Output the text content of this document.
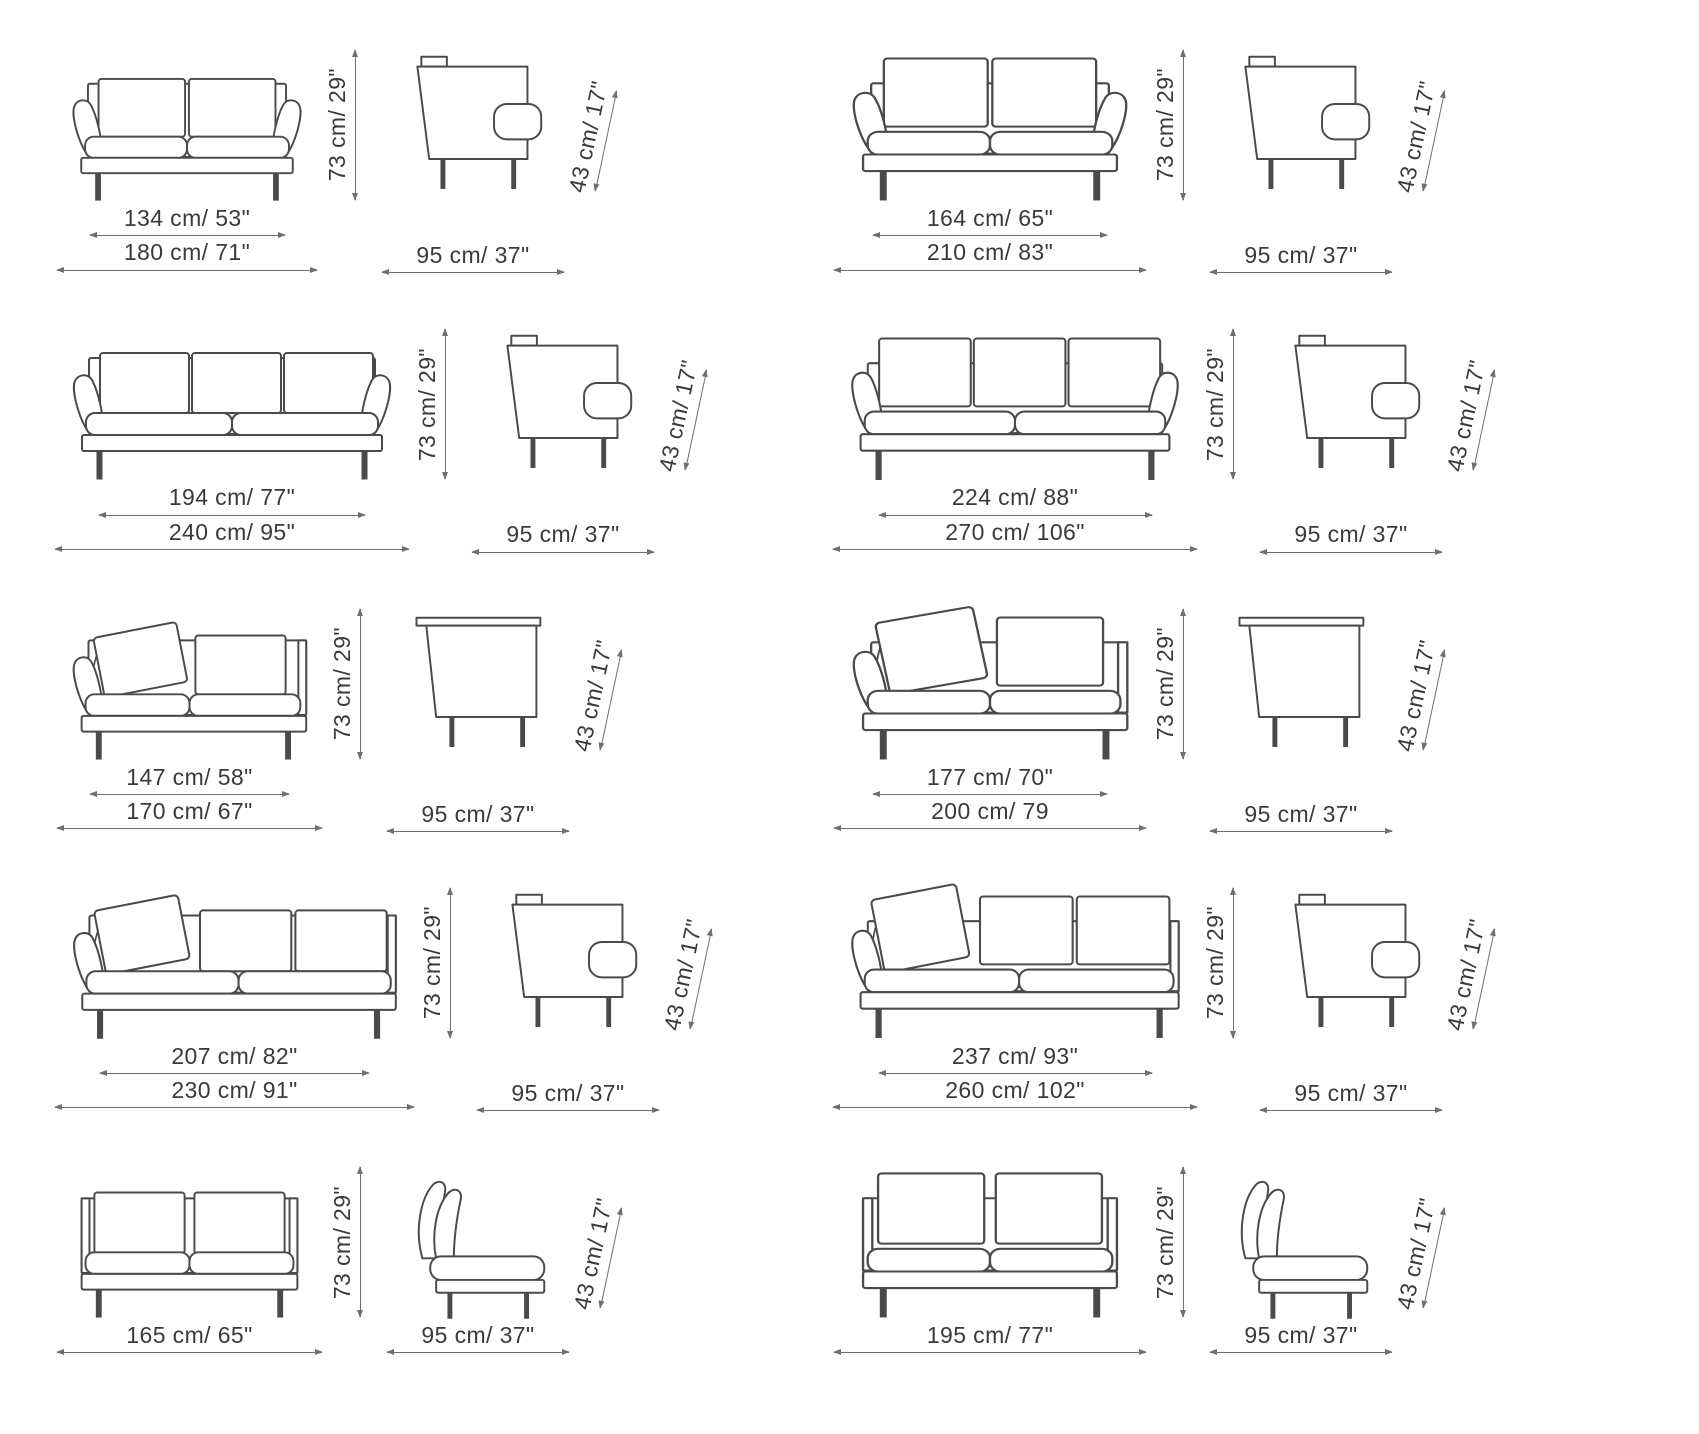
73 cm/ 29"
134 cm/ 53"
180 cm/ 71"
43 cm/ 17"
95 cm/ 37"
73 cm/ 29"
164 cm/ 65"
210 cm/ 83"
43 cm/ 17"
95 cm/ 37"
73 cm/ 29"
194 cm/ 77"
240 cm/ 95"
43 cm/ 17"
95 cm/ 37"
73 cm/ 29"
224 cm/ 88"
270 cm/ 106"
43 cm/ 17"
95 cm/ 37"
73 cm/ 29"
147 cm/ 58"
170 cm/ 67"
43 cm/ 17"
95 cm/ 37"
73 cm/ 29"
177 cm/ 70"
200 cm/ 79
43 cm/ 17"
95 cm/ 37"
73 cm/ 29"
207 cm/ 82"
230 cm/ 91"
43 cm/ 17"
95 cm/ 37"
73 cm/ 29"
237 cm/ 93"
260 cm/ 102"
43 cm/ 17"
95 cm/ 37"
73 cm/ 29"
165 cm/ 65"
43 cm/ 17"
95 cm/ 37"
73 cm/ 29"
195 cm/ 77"
43 cm/ 17"
95 cm/ 37"
